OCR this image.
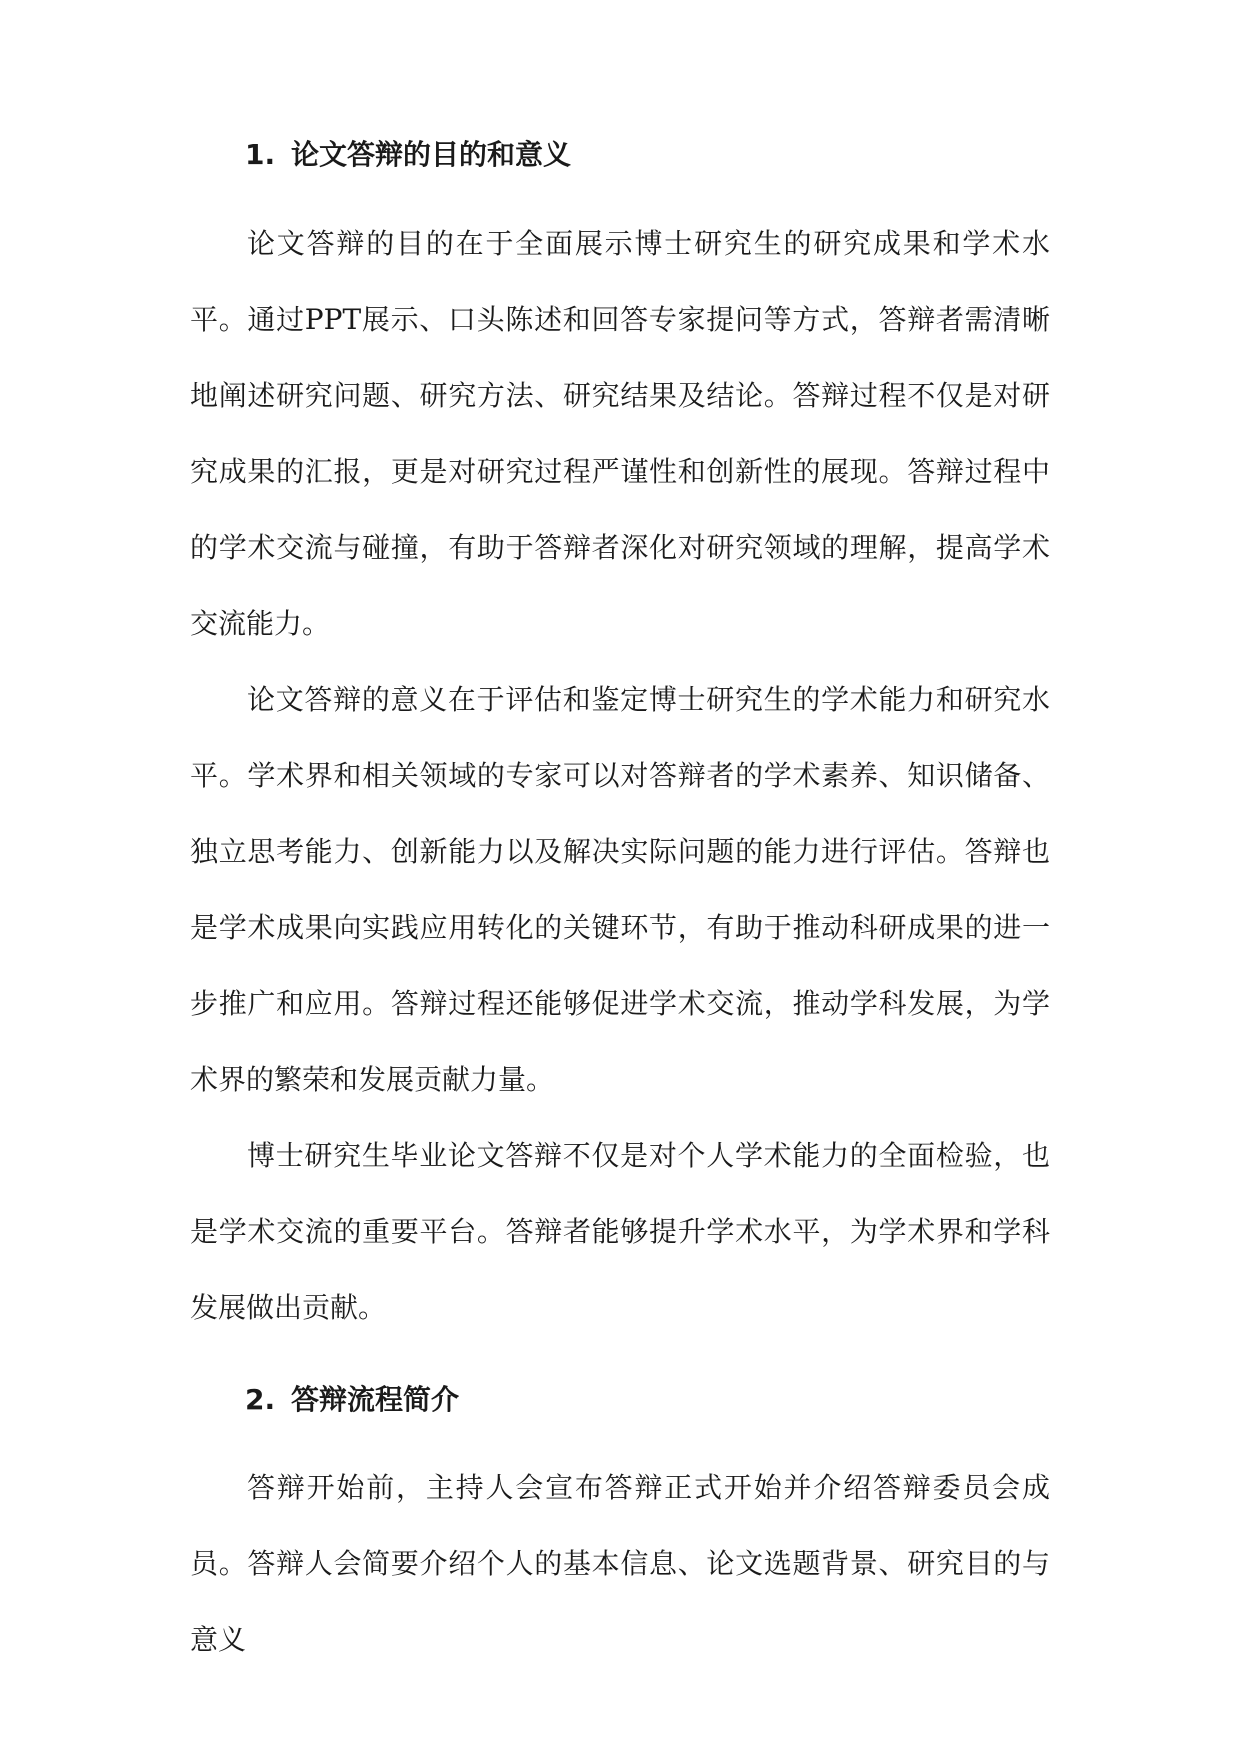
1. 论文答辩的目的和意义

论文答辩的目的在于全面展示博士研究生的研究成果和学术水平。通过PPT展示、口头陈述和回答专家提问等方式，答辩者需清晰地阐述研究问题、研究方法、研究结果及结论。答辩过程不仅是对研究成果的汇报，更是对研究过程严谨性和创新性的展现。答辩过程中的学术交流与碰撞，有助于答辩者深化对研究领域的理解，提高学术交流能力。

论文答辩的意义在于评估和鉴定博士研究生的学术能力和研究水平。学术界和相关领域的专家可以对答辩者的学术素养、知识储备、独立思考能力、创新能力以及解决实际问题的能力进行评估。答辩也是学术成果向实践应用转化的关键环节，有助于推动科研成果的进一步推广和应用。答辩过程还能够促进学术交流，推动学科发展，为学术界的繁荣和发展贡献力量。

博士研究生毕业论文答辩不仅是对个人学术能力的全面检验，也是学术交流的重要平台。答辩者能够提升学术水平，为学术界和学科发展做出贡献。

2. 答辩流程简介

答辩开始前，主持人会宣布答辩正式开始并介绍答辩委员会成员。答辩人会简要介绍个人的基本信息、论文选题背景、研究目的与意义
